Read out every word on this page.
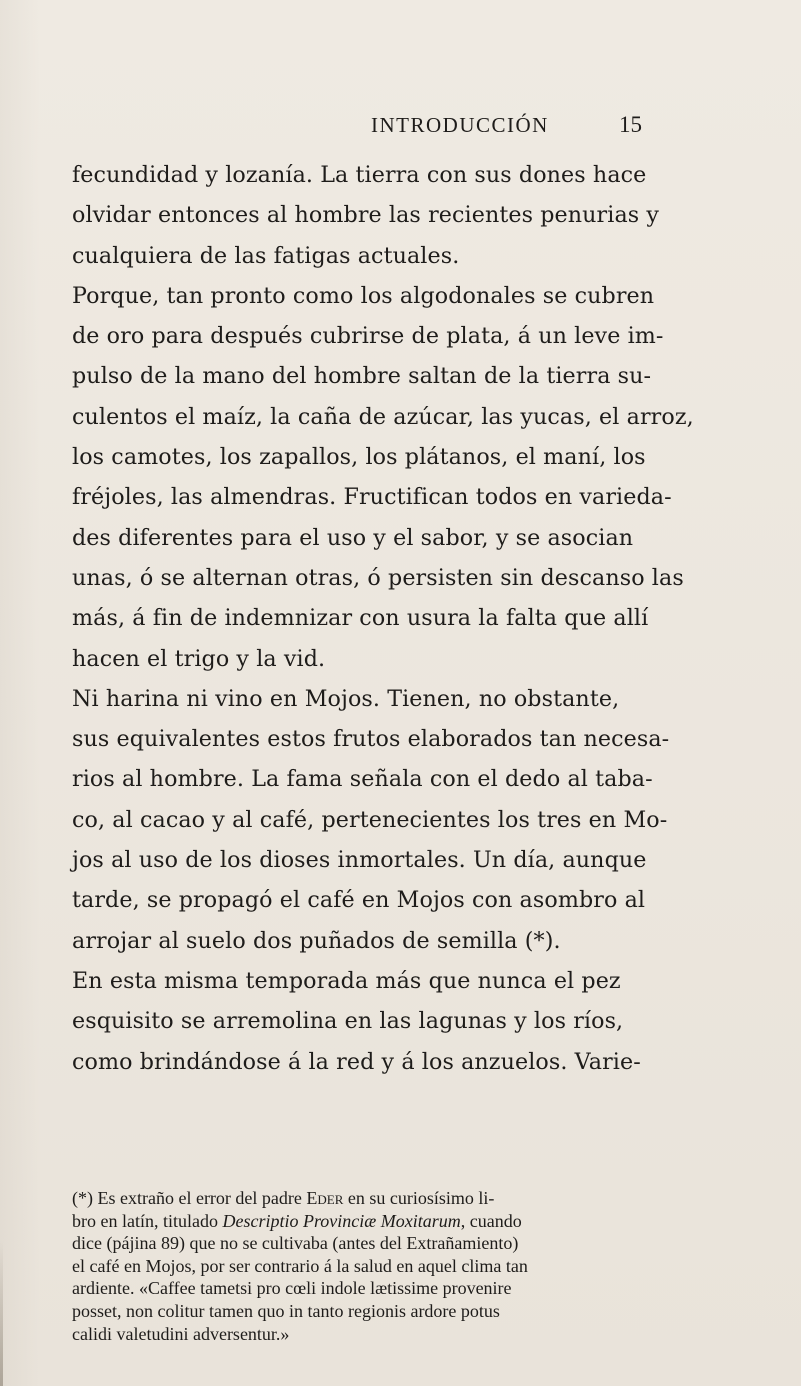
INTRODUCCIÓN	15
fecundidad y lozanía. La tierra con sus dones hace
olvidar entonces al hombre las recientes penurias y
cualquiera de las fatigas actuales.
Porque, tan pronto como los algodonales se cubren
de oro para después cubrirse de plata, á un leve im-
pulso de la mano del hombre saltan de la tierra su-
culentos el maíz, la caña de azúcar, las yucas, el arroz,
los camotes, los zapallos, los plátanos, el maní, los
fréjoles, las almendras. Fructifican todos en varieda-
des diferentes para el uso y el sabor, y se asocian
unas, ó se alternan otras, ó persisten sin descanso las
más, á fin de indemnizar con usura la falta que allí
hacen el trigo y la vid.
Ni harina ni vino en Mojos. Tienen, no obstante,
sus equivalentes estos frutos elaborados tan necesa-
rios al hombre. La fama señala con el dedo al taba-
co, al cacao y al café, pertenecientes los tres en Mo-
jos al uso de los dioses inmortales. Un día, aunque
tarde, se propagó el café en Mojos con asombro al
arrojar al suelo dos puñados de semilla (*).
En esta misma temporada más que nunca el pez
esquisito se arremolina en las lagunas y los ríos,
como brindándose á la red y á los anzuelos. Varie-
(*) Es extraño el error del padre Eder en su curiosísimo li-
bro en latín, titulado Descriptio Provinciæ Moxitarum, cuando
dice (pájina 89) que no se cultivaba (antes del Extrañamiento)
el café en Mojos, por ser contrario á la salud en aquel clima tan
ardiente. «Caffee tametsi pro cœli indole lætissime provenire
posset, non colitur tamen quo in tanto regionis ardore potus
calidi valetudini adversentur.»
